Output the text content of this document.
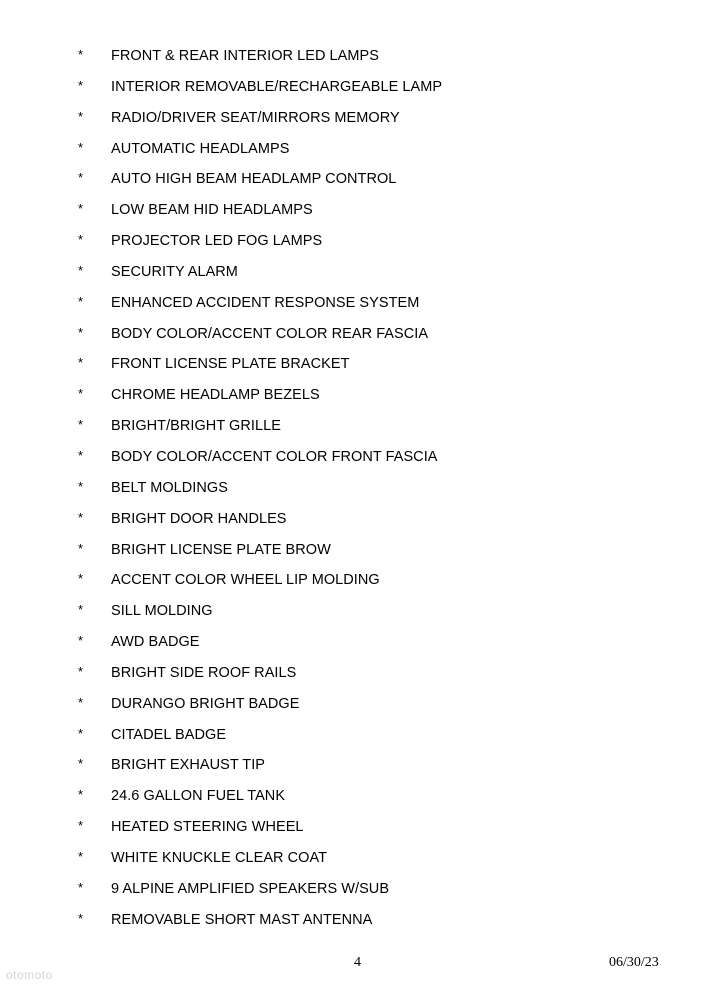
* FRONT & REAR INTERIOR LED LAMPS
* INTERIOR REMOVABLE/RECHARGEABLE LAMP
* RADIO/DRIVER SEAT/MIRRORS MEMORY
* AUTOMATIC HEADLAMPS
* AUTO HIGH BEAM HEADLAMP CONTROL
* LOW BEAM HID HEADLAMPS
* PROJECTOR LED FOG LAMPS
* SECURITY ALARM
* ENHANCED ACCIDENT RESPONSE SYSTEM
* BODY COLOR/ACCENT COLOR REAR FASCIA
* FRONT LICENSE PLATE BRACKET
* CHROME HEADLAMP BEZELS
* BRIGHT/BRIGHT GRILLE
* BODY COLOR/ACCENT COLOR FRONT FASCIA
* BELT MOLDINGS
* BRIGHT DOOR HANDLES
* BRIGHT LICENSE PLATE BROW
* ACCENT COLOR WHEEL LIP MOLDING
* SILL MOLDING
* AWD BADGE
* BRIGHT SIDE ROOF RAILS
* DURANGO BRIGHT BADGE
* CITADEL BADGE
* BRIGHT EXHAUST TIP
* 24.6 GALLON FUEL TANK
* HEATED STEERING WHEEL
* WHITE KNUCKLE CLEAR COAT
* 9 ALPINE AMPLIFIED SPEAKERS W/SUB
* REMOVABLE SHORT MAST ANTENNA
4	06/30/23
otomoto
